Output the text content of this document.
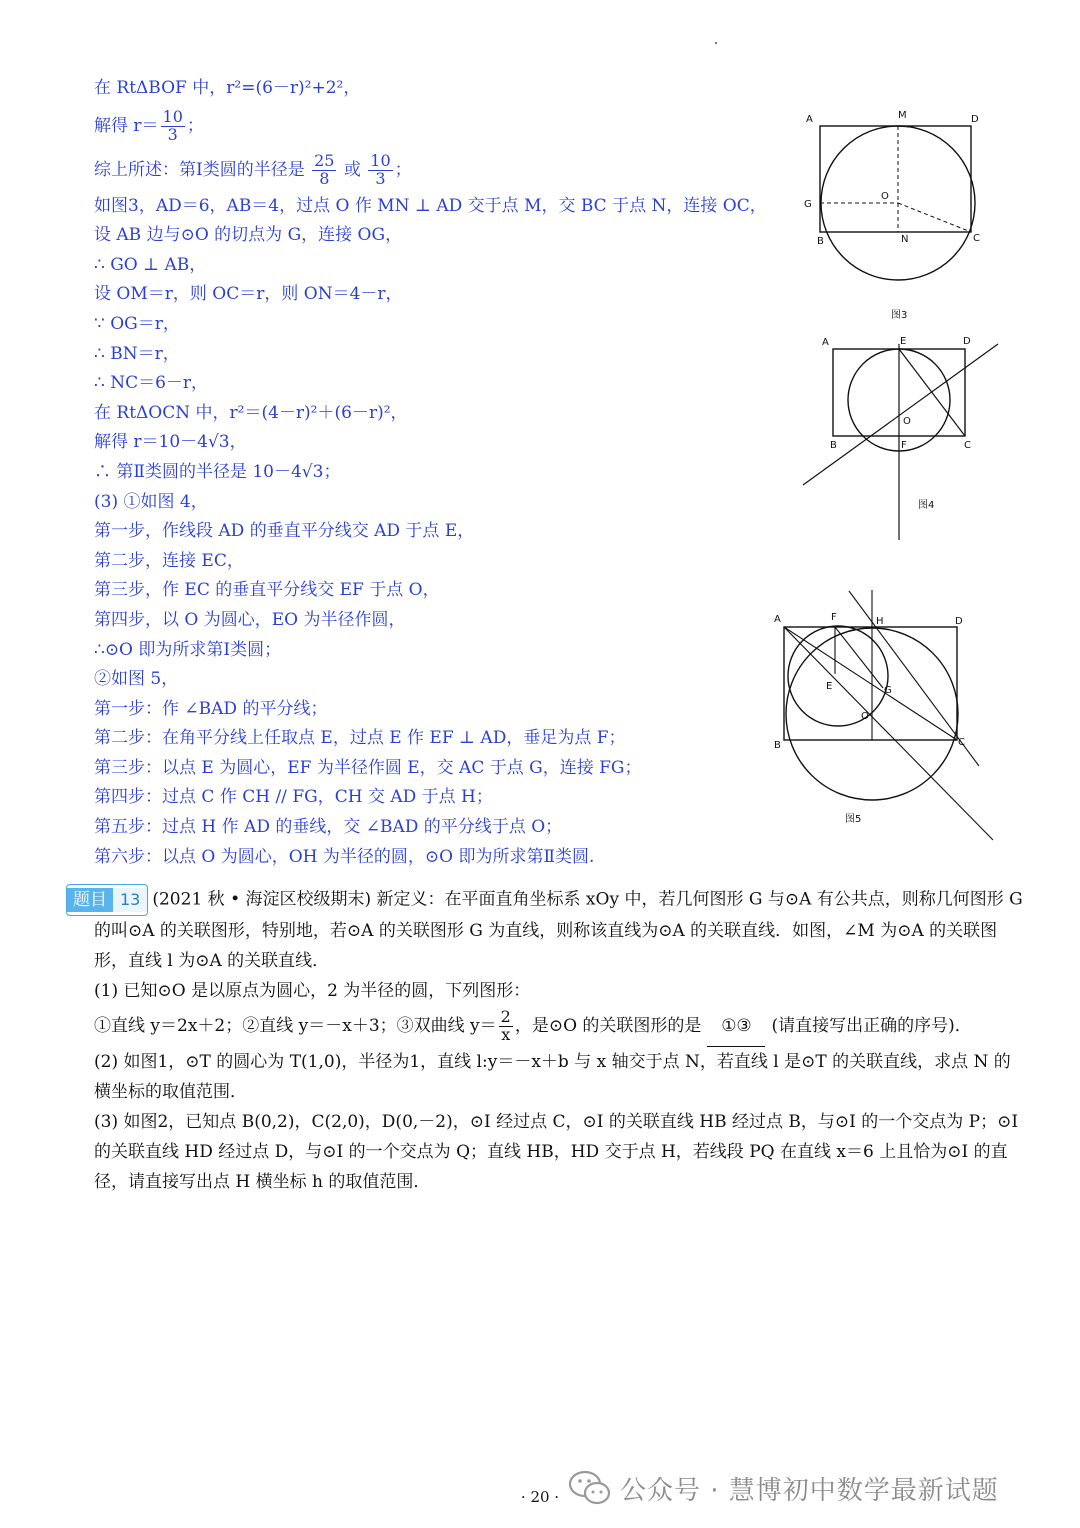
在 RtΔBOF 中，r²=(6－r)²+2²，
解得 $r= \frac{10}{3}$ ；
综上所述：第Ⅰ类圆的半径是 $\frac{25}{8}$ 或 $\frac{10}{3}$ ；
如图3，AD＝6，AB＝4，过点 O 作 MN ⊥ AD 交于点 M，交 BC 于点 N，连接 OC，
设 AB 边与⊙O 的切点为 G，连接 OG，
∴ GO ⊥ AB，
设 OM＝r，则 OC＝r，则 ON＝4－r，
∵ OG＝r，
∴ BN＝r，
∴ NC＝6－r，
在 RtΔOCN 中，r²＝(4－r)²＋(6－r)²，
解得 r＝10－4√3，
∴ 第Ⅱ类圆的半径是 10－4√3；
(3) ①如图 4，
第一步，作线段 AD 的垂直平分线交 AD 于点 E，
第二步，连接 EC，
第三步，作 EC 的垂直平分线交 EF 于点 O，
第四步，以 O 为圆心，EO 为半径作圆，
∴⊙O 即为所求第Ⅰ类圆；
②如图 5，
第一步：作 ∠BAD 的平分线；
第二步：在角平分线上任取点 E，过点 E 作 EF ⊥ AD，垂足为点 F；
第三步：以点 E 为圆心，EF 为半径作圆 E，交 AC 于点 G，连接 FG；
第四步：过点 C 作 CH // FG，CH 交 AD 于点 H；
第五步：过点 H 作 AD 的垂线，交 ∠BAD 的平分线于点 O；
第六步：以点 O 为圆心，OH 为半径的圆，⊙O 即为所求第Ⅱ类圆.
A	M	D
G
O
B	N	C
图3
A	E	D
O
B	F	C
图4
A	F	H	D
E	G
O
B	C
图5
题目 13 (2021 秋 • 海淀区校级期末) 新定义：在平面直角坐标系 xOy 中，若几何图形 G 与⊙A 有公共点，则称几何图形 G 的叫⊙A 的关联图形，特别地，若⊙A 的关联图形 G 为直线，则称该直线为⊙A 的关联直线．如图，∠M 为⊙A 的关联图形，直线 l 为⊙A 的关联直线．
(1) 已知⊙O 是以原点为圆心，2 为半径的圆，下列图形：
①直线 y＝2x＋2；②直线 y＝－x＋3；③双曲线 $y= \frac{2}{x}$ ，是⊙O 的关联图形的是 ①③ (请直接写出正确的序号)．
(2) 如图1，⊙T 的圆心为 T(1,0)，半径为1，直线 l:y＝－x＋b 与 x 轴交于点 N，若直线 l 是⊙T 的关联直线，求点 N 的横坐标的取值范围．
(3) 如图2，已知点 B(0,2)，C(2,0)，D(0,－2)，⊙I 经过点 C，⊙I 的关联直线 HB 经过点 B，与⊙I 的一个交点为 P；⊙I 的关联直线 HD 经过点 D，与⊙I 的一个交点为 Q；直线 HB，HD 交于点 H，若线段 PQ 在直线 x＝6 上且恰为⊙I 的直径，请直接写出点 H 横坐标 h 的取值范围．
公众号 · 慧博初中数学最新试题
· 20 ·
